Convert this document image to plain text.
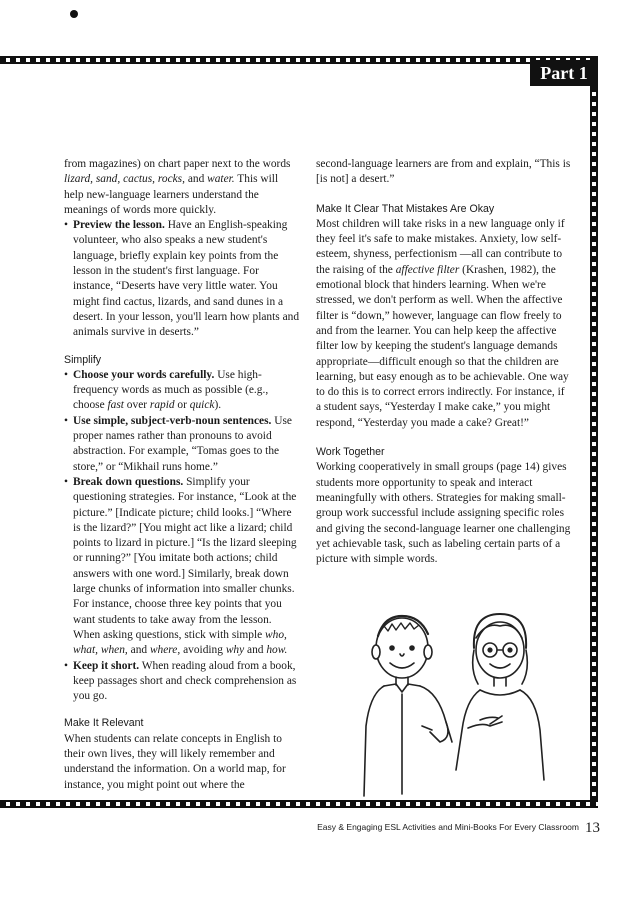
Part 1

from magazines) on chart paper next to the words lizard, sand, cactus, rocks, and water. This will help new-language learners understand the meanings of words more quickly.

• Preview the lesson. Have an English-speaking volunteer, who also speaks a new student's language, briefly explain key points from the lesson in the student's first language. For instance, “Deserts have very little water. You might find cactus, lizards, and sand dunes in a desert. In your lesson, you'll learn how plants and animals survive in deserts.”

Simplify

• Choose your words carefully. Use high-frequency words as much as possible (e.g., choose fast over rapid or quick).
• Use simple, subject-verb-noun sentences. Use proper names rather than pronouns to avoid abstraction. For example, “Tomas goes to the store,” or “Mikhail runs home.”
• Break down questions. Simplify your questioning strategies. For instance, “Look at the picture.” [Indicate picture; child looks.] “Where is the lizard?” [You might act like a lizard; child points to lizard in picture.] “Is the lizard sleeping or running?” [You imitate both actions; child answers with one word.] Similarly, break down large chunks of information into smaller chunks. For instance, choose three key points that you want students to take away from the lesson. When asking questions, stick with simple who, what, when, and where, avoiding why and how.
• Keep it short. When reading aloud from a book, keep passages short and check comprehension as you go.

Make It Relevant

When students can relate concepts in English to their own lives, they will likely remember and understand the information. On a world map, for instance, you might point out where the

second-language learners are from and explain, “This is [is not] a desert.”

Make It Clear That Mistakes Are Okay

Most children will take risks in a new language only if they feel it's safe to make mistakes. Anxiety, low self-esteem, shyness, perfectionism —all can contribute to the raising of the affective filter (Krashen, 1982), the emotional block that hinders learning. When we're stressed, we don't perform as well. When the affective filter is “down,” however, language can flow freely to and from the learner. You can help keep the affective filter low by keeping the student's language demands appropriate—difficult enough so that the children are learning, but easy enough as to be achievable. One way to do this is to correct errors indirectly. For instance, if a student says, “Yesterday I make cake,” you might respond, “Yesterday you made a cake? Great!”

Work Together

Working cooperatively in small groups (page 14) gives students more opportunity to speak and interact meaningfully with others. Strategies for making small-group work successful include assigning specific roles and giving the second-language learner one challenging yet achievable task, such as labeling certain parts of a picture with simple words.

Easy & Engaging ESL Activities and Mini-Books For Every Classroom 13
